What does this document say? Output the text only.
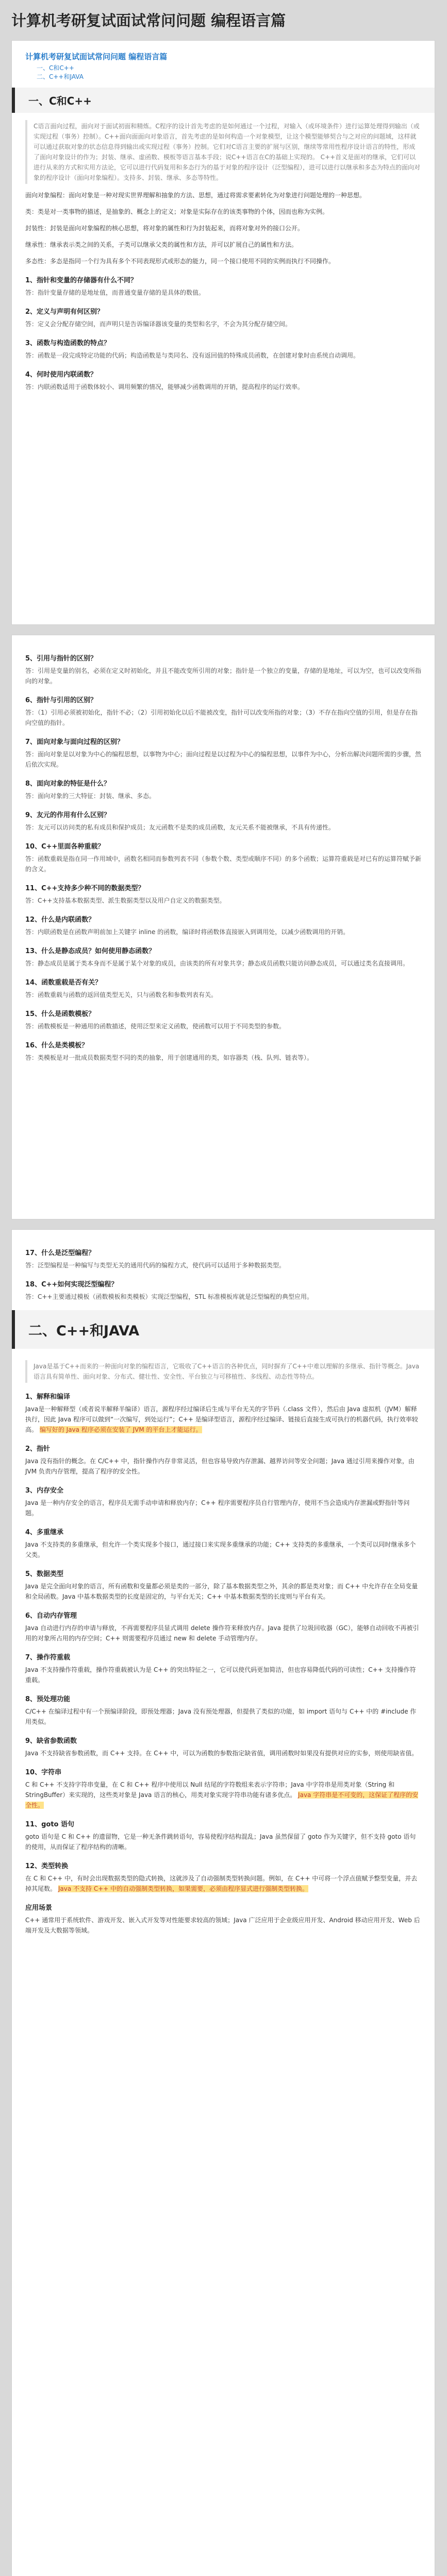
计算机考研复试面试常问问题 编程语言篇
计算机考研复试面试常问问题 编程语言篇
一、C和C++
二、C++和JAVA
一、C和C++
C语言面向过程，面向对于面试初面和精炼。C程序的设计首先考虑的是如何通过一个过程，对输入（或环境条件）进行运算处理得到输出（或实现过程（事务）控制）。C++面向面面向对象语言，首先考虑的是如何构造一个对象模型，让这个模型能够契合与之对应的问题域，这样就可以通过获取对象的状态信息得到输出或实现过程（事务）控制。它们对C语言主要的扩展与区别，继续等常用性程序设计语言的特性，形成了面向对象设计的作为；封装、继承、虚函数、模板等语言基本手段；说C++语言在C的基础上实现的。 C++首义是面对的继承，它们可以进行从来的方式和实用方法论，它可以进行代码复用和多态行为的基于对象的程序设计（泛型编程），进可以进行以继承和多态为特点的面向对象的程序设计（面向对象编程）。支持多、封装、继承、多态等特性。
面向对象编程：面向对象是一种对现实世界理解和抽象的方法、思想，通过将需求要素转化为对象进行问题处理的一种思想。
类：类是对一类事物的描述，是抽象的、概念上的定义；对象是实际存在的该类事物的个体，因而也称为实例。
封装性：封装是面向对象编程的核心思想，将对象的属性和行为封装起来，而将对象对外的接口公开。
继承性：继承表示类之间的关系，子类可以继承父类的属性和方法，并可以扩展自己的属性和方法。
多态性：多态是指同一个行为具有多个不同表现形式或形态的能力，同一个接口使用不同的实例而执行不同操作。
1、指针和变量的存储器有什么不同？
答：指针变量存储的是地址值，而普通变量存储的是具体的数值。
2、定义与声明有何区别？
答：定义会分配存储空间，而声明只是告诉编译器该变量的类型和名字，不会为其分配存储空间。
3、函数与构造函数的特点？
答：函数是一段完成特定功能的代码；构造函数是与类同名、没有返回值的特殊成员函数，在创建对象时由系统自动调用。
4、何时使用内联函数？
答：内联函数适用于函数体较小、调用频繁的情况，能够减少函数调用的开销，提高程序的运行效率。
5、引用与指针的区别？
答：引用是变量的别名，必须在定义时初始化，并且不能改变所引用的对象；指针是一个独立的变量，存储的是地址，可以为空，也可以改变所指向的对象。
6、指针与引用的区别？
答：（1）引用必须被初始化，指针不必；（2）引用初始化以后不能被改变，指针可以改变所指的对象；（3）不存在指向空值的引用，但是存在指向空值的指针。
7、面向对象与面向过程的区别？
答：面向对象是以对象为中心的编程思想，以事物为中心；面向过程是以过程为中心的编程思想，以事件为中心，分析出解决问题所需的步骤，然后依次实现。
8、面向对象的特征是什么？
答：面向对象的三大特征：封装、继承、多态。
9、友元的作用有什么区别？
答：友元可以访问类的私有成员和保护成员；友元函数不是类的成员函数，友元关系不能被继承，不具有传递性。
10、C++里面各种重载？
答：函数重载是指在同一作用域中，函数名相同而参数列表不同（参数个数、类型或顺序不同）的多个函数；运算符重载是对已有的运算符赋予新的含义。
11、C++支持多少种不同的数据类型？
答：C++支持基本数据类型、派生数据类型以及用户自定义的数据类型。
12、什么是内联函数？
答：内联函数是在函数声明前加上关键字 inline 的函数，编译时将函数体直接嵌入到调用处，以减少函数调用的开销。
13、什么是静态成员？如何使用静态函数？
答：静态成员是属于类本身而不是属于某个对象的成员，由该类的所有对象共享；静态成员函数只能访问静态成员，可以通过类名直接调用。
14、函数重载是否有关？
答：函数重载与函数的返回值类型无关，只与函数名和参数列表有关。
15、什么是函数模板？
答：函数模板是一种通用的函数描述，使用泛型来定义函数，使函数可以用于不同类型的参数。
16、什么是类模板？
答：类模板是对一批成员数据类型不同的类的抽象，用于创建通用的类，如容器类（栈、队列、链表等）。
17、什么是泛型编程？
答：泛型编程是一种编写与类型无关的通用代码的编程方式，使代码可以适用于多种数据类型。
18、C++如何实现泛型编程？
答：C++主要通过模板（函数模板和类模板）实现泛型编程，STL 标准模板库就是泛型编程的典型应用。
二、C++和JAVA
Java是基于C++而来的一种面向对象的编程语言，它吸收了C++语言的各种优点，同时摒弃了C++中难以理解的多继承、指针等概念。Java语言具有简单性、面向对象、分布式、健壮性、安全性、平台独立与可移植性、多线程、动态性等特点。
1、解释和编译
Java是一种解释型（或者说半解释半编译）语言，源程序经过编译后生成与平台无关的字节码（.class 文件），然后由 Java 虚拟机（JVM）解释执行，因此 Java 程序可以做到“一次编写，到处运行”；C++ 是编译型语言，源程序经过编译、链接后直接生成可执行的机器代码，执行效率较高。 编写好的 Java 程序必须在安装了 JVM 的平台上才能运行。
2、指针
Java 没有指针的概念。在 C/C++ 中，指针操作内存非常灵活，但也容易导致内存泄漏、越界访问等安全问题；Java 通过引用来操作对象，由 JVM 负责内存管理，提高了程序的安全性。
3、内存安全
Java 是一种内存安全的语言，程序员无需手动申请和释放内存；C++ 程序需要程序员自行管理内存，使用不当会造成内存泄漏或野指针等问题。
4、多重继承
Java 不支持类的多重继承，但允许一个类实现多个接口，通过接口来实现多重继承的功能；C++ 支持类的多重继承，一个类可以同时继承多个父类。
5、数据类型
Java 是完全面向对象的语言，所有函数和变量都必须是类的一部分，除了基本数据类型之外，其余的都是类对象；而 C++ 中允许存在全局变量和全局函数。Java 中基本数据类型的长度是固定的，与平台无关；C++ 中基本数据类型的长度则与平台有关。
6、自动内存管理
Java 自动进行内存的申请与释放，不再需要程序员显式调用 delete 操作符来释放内存。Java 提供了垃圾回收器（GC），能够自动回收不再被引用的对象所占用的内存空间；C++ 则需要程序员通过 new 和 delete 手动管理内存。
7、操作符重载
Java 不支持操作符重载，操作符重载被认为是 C++ 的突出特征之一，它可以使代码更加简洁，但也容易降低代码的可读性；C++ 支持操作符重载。
8、预处理功能
C/C++ 在编译过程中有一个预编译阶段，即预处理器；Java 没有预处理器，但提供了类似的功能，如 import 语句与 C++ 中的 #include 作用类似。
9、缺省参数函数
Java 不支持缺省参数函数，而 C++ 支持。在 C++ 中，可以为函数的参数指定缺省值，调用函数时如果没有提供对应的实参，则使用缺省值。
10、字符串
C 和 C++ 不支持字符串变量，在 C 和 C++ 程序中使用以 Null 结尾的字符数组来表示字符串；Java 中字符串是用类对象（String 和 StringBuffer）来实现的，这些类对象是 Java 语言的核心，用类对象实现字符串功能有诸多优点。 Java 字符串是不可变的，这保证了程序的安全性。
11、goto 语句
goto 语句是 C 和 C++ 的遗留物，它是一种无条件跳转语句，容易使程序结构混乱；Java 虽然保留了 goto 作为关键字，但不支持 goto 语句的使用，从而保证了程序结构的清晰。
12、类型转换
在 C 和 C++ 中，有时会出现数据类型的隐式转换，这就涉及了自动强制类型转换问题。例如，在 C++ 中可将一个浮点值赋予整型变量，并去掉其尾数。 Java 不支持 C++ 中的自动强制类型转换，如果需要，必须由程序显式进行强制类型转换。
应用场景
C++ 通常用于系统软件、游戏开发、嵌入式开发等对性能要求较高的领域；Java 广泛应用于企业级应用开发、Android 移动应用开发、Web 后端开发及大数据等领域。
